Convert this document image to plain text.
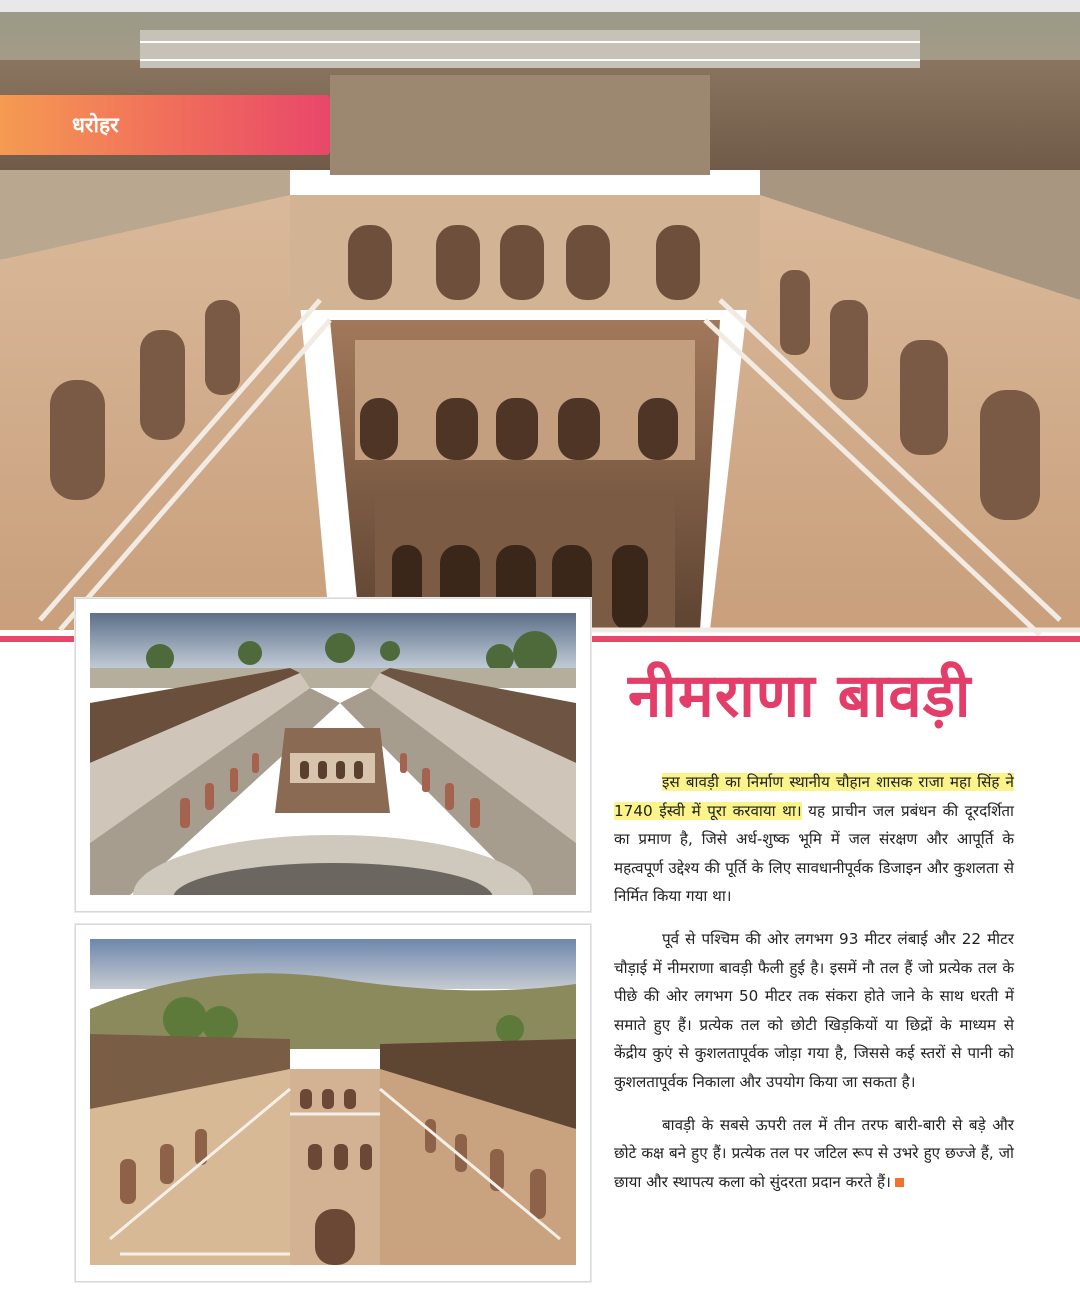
धरोहर
नीमराणा बावड़ी

इस बावड़ी का निर्माण स्थानीय चौहान शासक राजा महा सिंह ने 1740 ईस्वी में पूरा करवाया था। यह प्राचीन जल प्रबंधन की दूरदर्शिता का प्रमाण है, जिसे अर्ध-शुष्क भूमि में जल संरक्षण और आपूर्ति के महत्वपूर्ण उद्देश्य की पूर्ति के लिए सावधानीपूर्वक डिजाइन और कुशलता से निर्मित किया गया था।

पूर्व से पश्चिम की ओर लगभग 93 मीटर लंबाई और 22 मीटर चौड़ाई में नीमराणा बावड़ी फैली हुई है। इसमें नौ तल हैं जो प्रत्येक तल के पीछे की ओर लगभग 50 मीटर तक संकरा होते जाने के साथ धरती में समाते हुए हैं। प्रत्येक तल को छोटी खिड़कियों या छिद्रों के माध्यम से केंद्रीय कुएं से कुशलतापूर्वक जोड़ा गया है, जिससे कई स्तरों से पानी को कुशलतापूर्वक निकाला और उपयोग किया जा सकता है।

बावड़ी के सबसे ऊपरी तल में तीन तरफ बारी-बारी से बड़े और छोटे कक्ष बने हुए हैं। प्रत्येक तल पर जटिल रूप से उभरे हुए छज्जे हैं, जो छाया और स्थापत्य कला को सुंदरता प्रदान करते हैं।
